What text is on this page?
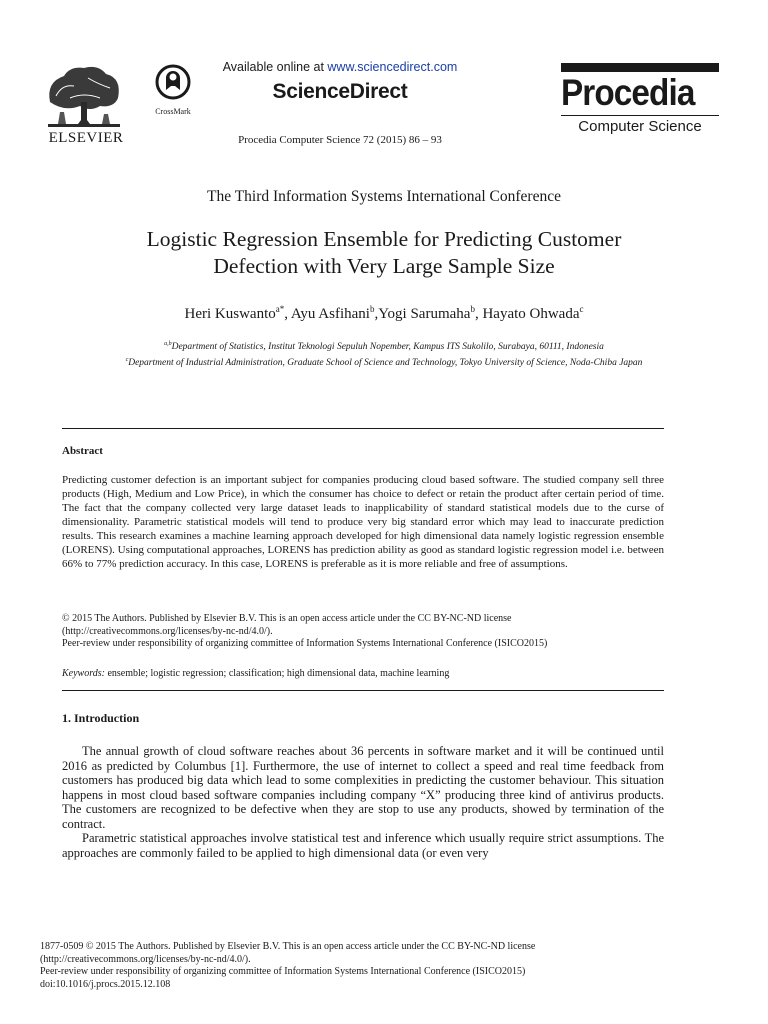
ELSEVIER
CrossMark
Available online at www.sciencedirect.com
ScienceDirect
Procedia Computer Science 72 (2015) 86 – 93
Procedia
Computer Science
The Third Information Systems International Conference
Logistic Regression Ensemble for Predicting Customer
Defection with Very Large Sample Size
Heri Kuswanto$^{a*}$, Ayu Asfihani$^b$,Yogi Sarumaha$^b$, Hayato Ohwada$^c$
$^{a,b}$Department of Statistics, Institut Teknologi Sepuluh Nopember, Kampus ITS Sukolilo, Surabaya, 60111, Indonesia
$^c$Department of Industrial Administration, Graduate School of Science and Technology, Tokyo University of Science, Noda-Chiba Japan
Abstract
Predicting customer defection is an important subject for companies producing cloud based software. The studied company sell three products (High, Medium and Low Price), in which the consumer has choice to defect or retain the product after certain period of time. The fact that the company collected very large dataset leads to inapplicability of standard statistical models due to the curse of dimensionality. Parametric statistical models will tend to produce very big standard error which may lead to inaccurate prediction results. This research examines a machine learning approach developed for high dimensional data namely logistic regression ensemble (LORENS). Using computational approaches, LORENS has prediction ability as good as standard logistic regression model i.e. between 66% to 77% prediction accuracy. In this case, LORENS is preferable as it is more reliable and free of assumptions.
© 2015 The Authors. Published by Elsevier B.V. This is an open access article under the CC BY-NC-ND license
(http://creativecommons.org/licenses/by-nc-nd/4.0/).
Peer-review under responsibility of organizing committee of Information Systems International Conference (ISICO2015)
Keywords: ensemble; logistic regression; classification; high dimensional data, machine learning
1. Introduction

The annual growth of cloud software reaches about 36 percents in software market and it will be continued until 2016 as predicted by Columbus [1]. Furthermore, the use of internet to collect a speed and real time feedback from customers has produced big data which lead to some complexities in predicting the customer behaviour. This situation happens in most cloud based software companies including company “X” producing three kind of antivirus products. The customers are recognized to be defective when they are stop to use any products, showed by termination of the contract.

Parametric statistical approaches involve statistical test and inference which usually require strict assumptions. The approaches are commonly failed to be applied to high dimensional data (or even very

1877-0509 © 2015 The Authors. Published by Elsevier B.V. This is an open access article under the CC BY-NC-ND license
(http://creativecommons.org/licenses/by-nc-nd/4.0/).
Peer-review under responsibility of organizing committee of Information Systems International Conference (ISICO2015)
doi:10.1016/j.procs.2015.12.108
